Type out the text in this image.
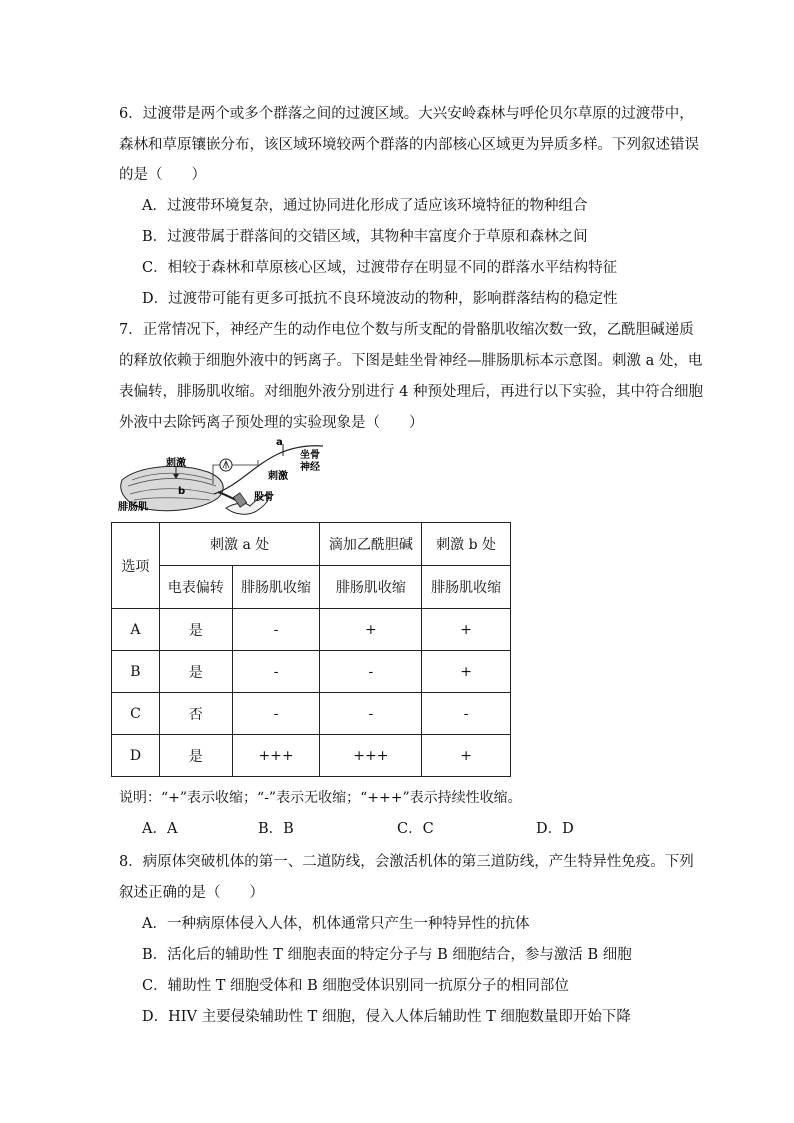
6．过渡带是两个或多个群落之间的过渡区域。大兴安岭森林与呼伦贝尔草原的过渡带中，
森林和草原镶嵌分布，该区域环境较两个群落的内部核心区域更为异质多样。下列叙述错误
的是（　　）
A．过渡带环境复杂，通过协同进化形成了适应该环境特征的物种组合
B．过渡带属于群落间的交错区域，其物种丰富度介于草原和森林之间
C．相较于森林和草原核心区域，过渡带存在明显不同的群落水平结构特征
D．过渡带可能有更多可抵抗不良环境波动的物种，影响群落结构的稳定性
7．正常情况下，神经产生的动作电位个数与所支配的骨骼肌收缩次数一致，乙酰胆碱递质
的释放依赖于细胞外液中的钙离子。下图是蛙坐骨神经—腓肠肌标本示意图。刺激 a 处，电
表偏转，腓肠肌收缩。对细胞外液分别进行 4 种预处理后，再进行以下实验，其中符合细胞
外液中去除钙离子预处理的实验现象是（　　）
刺激
b
a
刺激
坐骨
神经
腓肠肌
股骨
选项	刺激 a 处		滴加乙酰胆碱	刺激 b 处
	电表偏转	腓肠肌收缩	腓肠肌收缩	腓肠肌收缩
A	是	-	+	+
B	是	-	-	+
C	否	-	-	-
D	是	+++	+++	+
说明：“+”表示收缩；“-”表示无收缩；“+++”表示持续性收缩。
A．A	B．B	C．C	D．D
8．病原体突破机体的第一、二道防线，会激活机体的第三道防线，产生特异性免疫。下列
叙述正确的是（　　）
A．一种病原体侵入人体，机体通常只产生一种特异性的抗体
B．活化后的辅助性 T 细胞表面的特定分子与 B 细胞结合，参与激活 B 细胞
C．辅助性 T 细胞受体和 B 细胞受体识别同一抗原分子的相同部位
D．HIV 主要侵染辅助性 T 细胞，侵入人体后辅助性 T 细胞数量即开始下降
